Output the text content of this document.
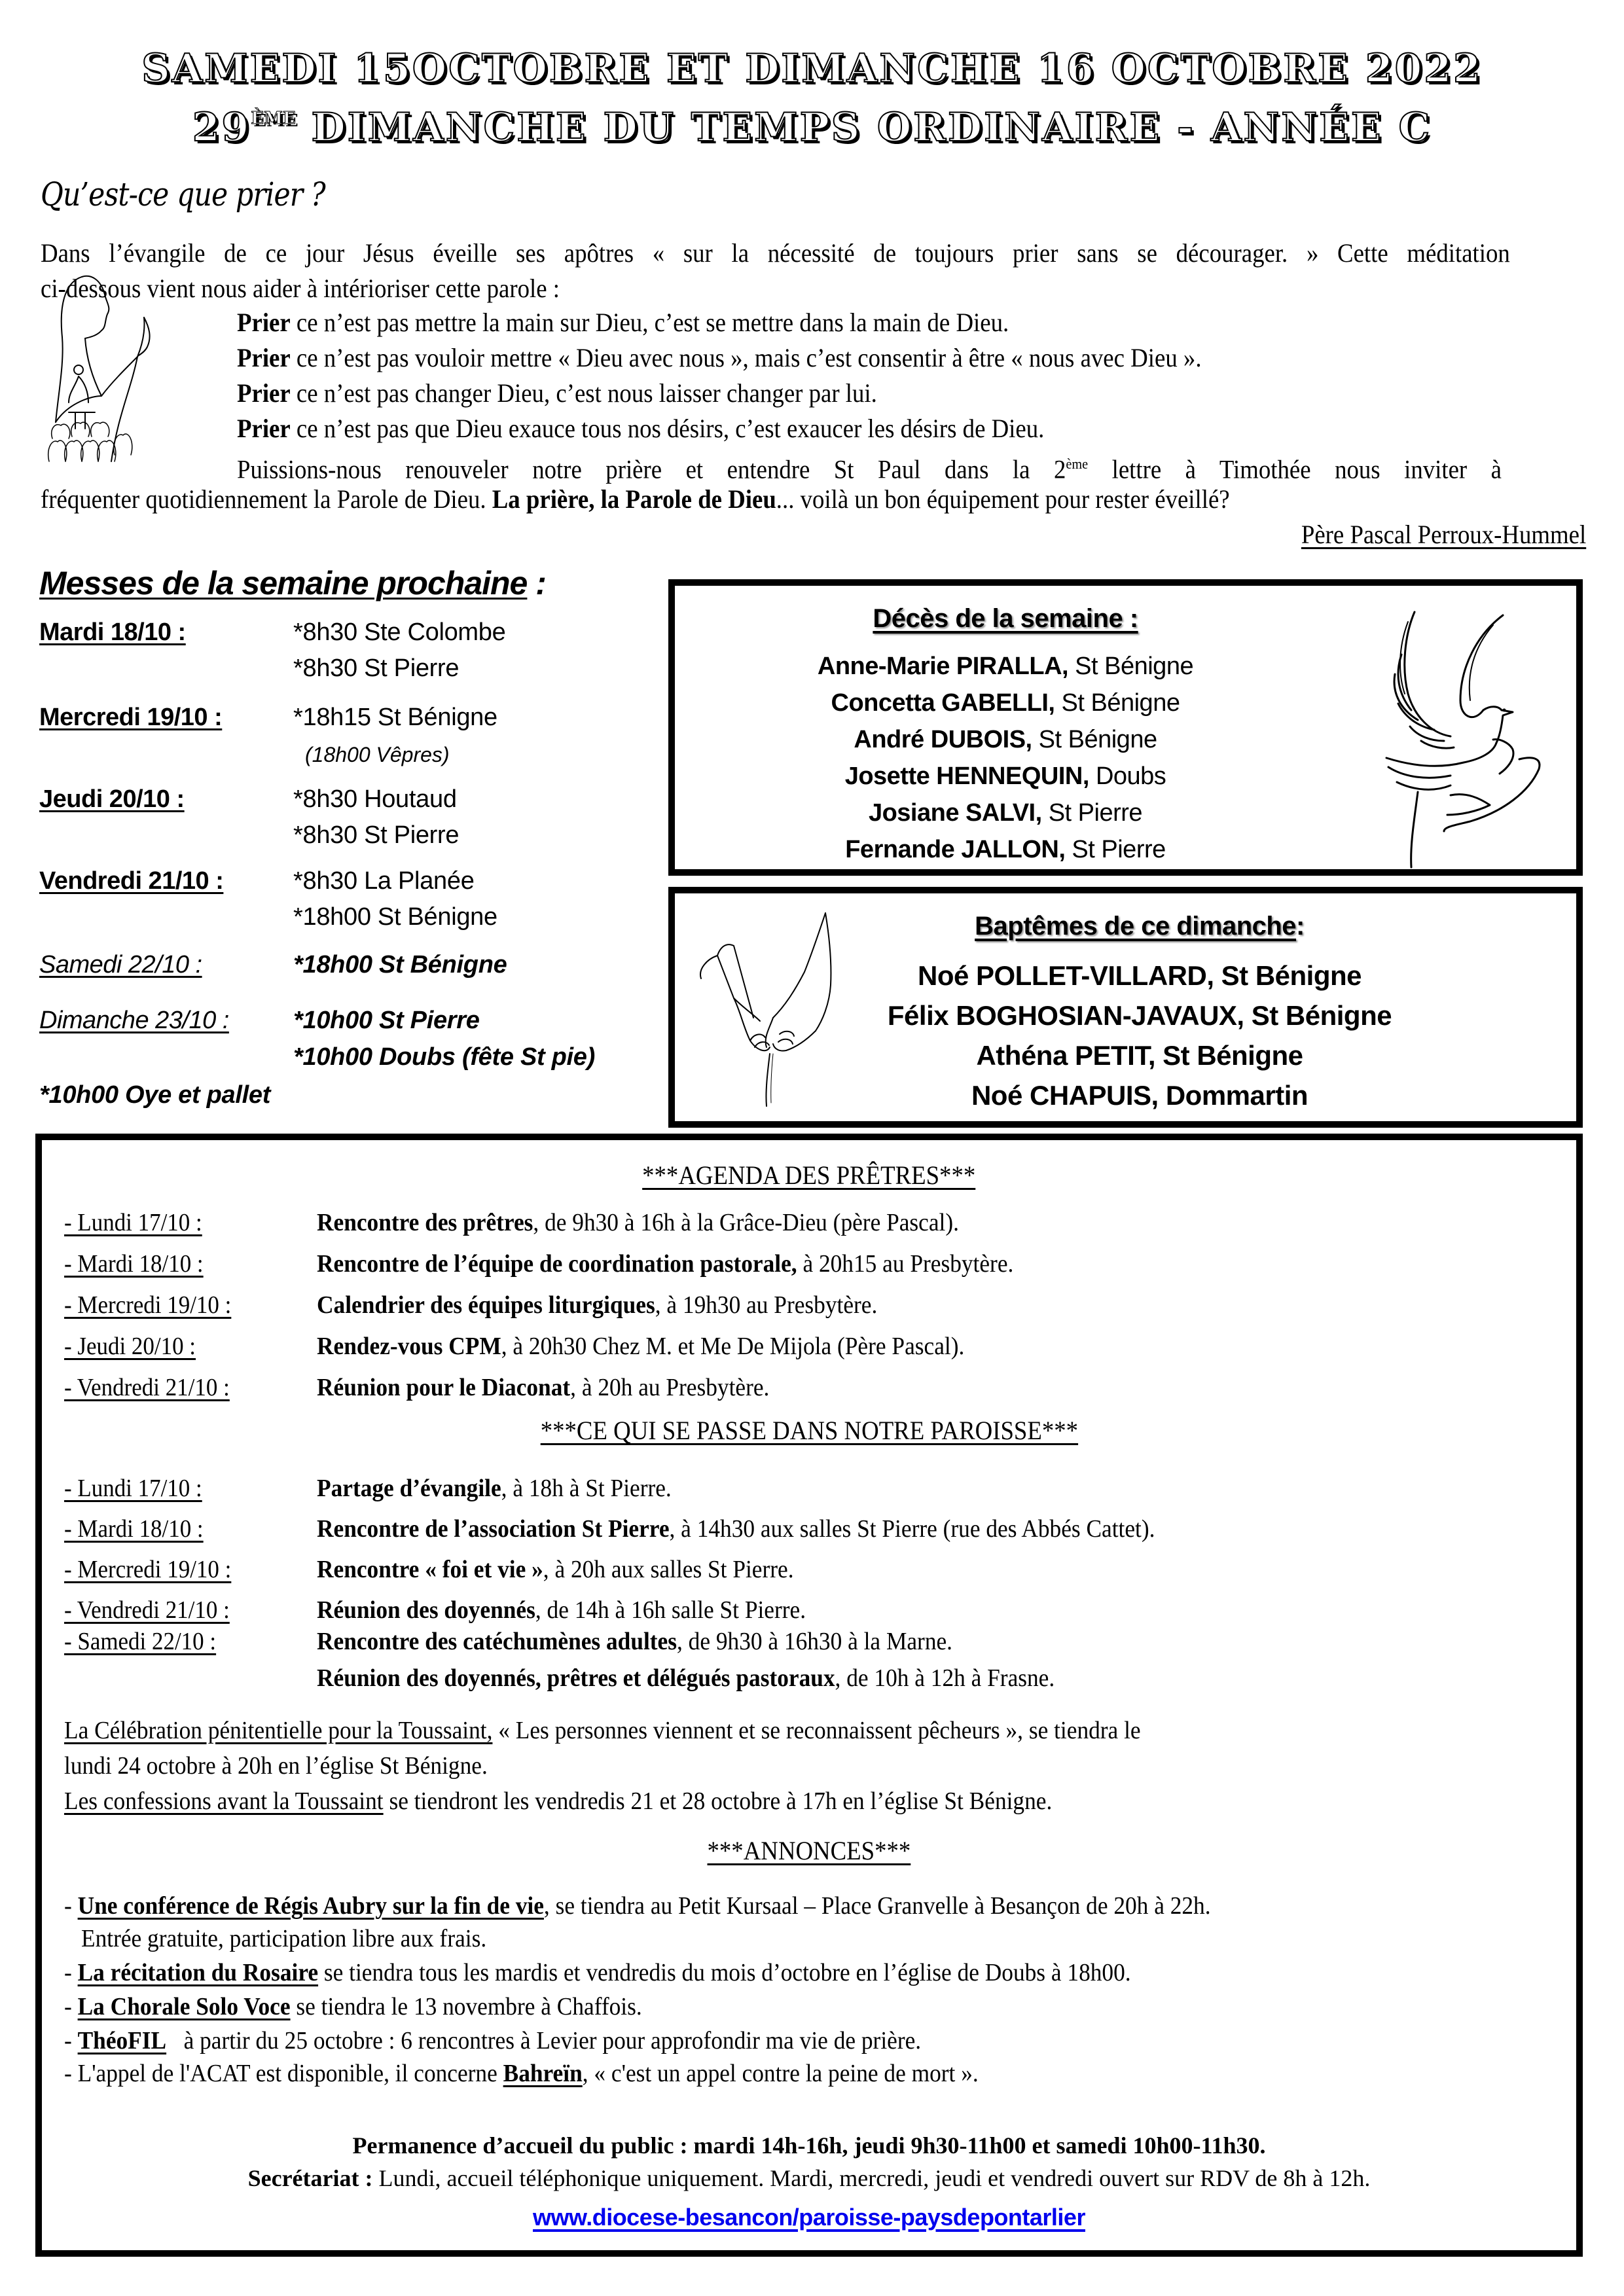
SAMEDI 15OCTOBRE ET DIMANCHE 16 OCTOBRE 2022
29ÈME DIMANCHE DU TEMPS ORDINAIRE - ANNÉE C
Qu’est-ce que prier ?
Dans l’évangile de ce jour Jésus éveille ses apôtres « sur la nécessité de toujours prier sans se décourager. » Cette méditation
ci-dessous vient nous aider à intérioriser cette parole :
Prier ce n’est pas mettre la main sur Dieu, c’est se mettre dans la main de Dieu.
Prier ce n’est pas vouloir mettre « Dieu avec nous », mais c’est consentir à être « nous avec Dieu ».
Prier ce n’est pas changer Dieu, c’est nous laisser changer par lui.
Prier ce n’est pas que Dieu exauce tous nos désirs, c’est exaucer les désirs de Dieu.
Puissions-nous renouveler notre prière et entendre St Paul dans la 2ème lettre à Timothée nous inviter à
fréquenter quotidiennement la Parole de Dieu. La prière, la Parole de Dieu... voilà un bon équipement pour rester éveillé?
Père Pascal Perroux-Hummel
Messes de la semaine prochaine :
Mardi 18/10 :	*8h30 Ste Colombe
*8h30 St Pierre
Mercredi 19/10 :	*18h15 St Bénigne
(18h00 Vêpres)
Jeudi 20/10 :	*8h30 Houtaud
*8h30 St Pierre
Vendredi 21/10 :	*8h30 La Planée
*18h00 St Bénigne
Samedi 22/10 :	*18h00 St Bénigne
Dimanche 23/10 :	*10h00 St Pierre
*10h00 Doubs (fête St pie)
*10h00 Oye et pallet
Décès de la semaine :
Anne-Marie PIRALLA, St Bénigne
Concetta GABELLI, St Bénigne
André DUBOIS, St Bénigne
Josette HENNEQUIN, Doubs
Josiane SALVI, St Pierre
Fernande JALLON, St Pierre
Baptêmes de ce dimanche:
Noé POLLET-VILLARD, St Bénigne
Félix BOGHOSIAN-JAVAUX, St Bénigne
Athéna PETIT, St Bénigne
Noé CHAPUIS, Dommartin
***AGENDA DES PRÊTRES***
- Lundi 17/10 :	Rencontre des prêtres, de 9h30 à 16h à la Grâce-Dieu (père Pascal).
- Mardi 18/10 :	Rencontre de l’équipe de coordination pastorale, à 20h15 au Presbytère.
- Mercredi 19/10 :	Calendrier des équipes liturgiques, à 19h30 au Presbytère.
- Jeudi 20/10 :	Rendez-vous CPM, à 20h30 Chez M. et Me De Mijola (Père Pascal).
- Vendredi 21/10 :	Réunion pour le Diaconat, à 20h au Presbytère.
***CE QUI SE PASSE DANS NOTRE PAROISSE***
- Lundi 17/10 :	Partage d’évangile, à 18h à St Pierre.
- Mardi 18/10 :	Rencontre de l’association St Pierre, à 14h30 aux salles St Pierre (rue des Abbés Cattet).
- Mercredi 19/10 :	Rencontre « foi et vie », à 20h aux salles St Pierre.
- Vendredi 21/10 :	Réunion des doyennés, de 14h à 16h salle St Pierre.
- Samedi 22/10 :	Rencontre des catéchumènes adultes, de 9h30 à 16h30 à la Marne.
Réunion des doyennés, prêtres et délégués pastoraux, de 10h à 12h à Frasne.
La Célébration pénitentielle pour la Toussaint, « Les personnes viennent et se reconnaissent pêcheurs », se tiendra le
lundi 24 octobre à 20h en l’église St Bénigne.
Les confessions avant la Toussaint se tiendront les vendredis 21 et 28 octobre à 17h en l’église St Bénigne.
***ANNONCES***
- Une conférence de Régis Aubry sur la fin de vie, se tiendra au Petit Kursaal – Place Granvelle à Besançon de 20h à 22h.
Entrée gratuite, participation libre aux frais.
- La récitation du Rosaire se tiendra tous les mardis et vendredis du mois d’octobre en l’église de Doubs à 18h00.
- La Chorale Solo Voce se tiendra le 13 novembre à Chaffois.
- ThéoFIL   à partir du 25 octobre : 6 rencontres à Levier pour approfondir ma vie de prière.
- L'appel de l'ACAT est disponible, il concerne Bahreïn, « c'est un appel contre la peine de mort ».
Permanence d’accueil du public : mardi 14h-16h, jeudi 9h30-11h00 et samedi 10h00-11h30.
Secrétariat : Lundi, accueil téléphonique uniquement. Mardi, mercredi, jeudi et vendredi ouvert sur RDV de 8h à 12h.
www.diocese-besancon/paroisse-paysdepontarlier
